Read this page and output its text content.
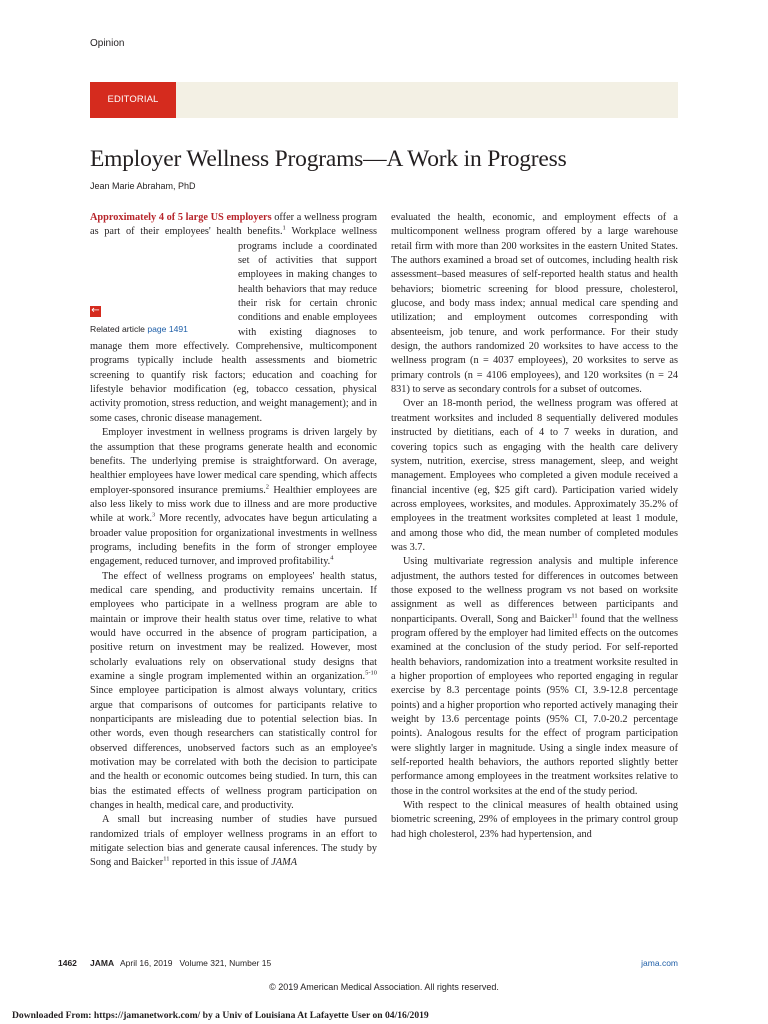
Opinion
EDITORIAL
Employer Wellness Programs—A Work in Progress
Jean Marie Abraham, PhD

Approximately 4 of 5 large US employers offer a wellness program as part of their employees' health benefits.$^1$
←
Related article page 1491
Workplace wellness programs include a coordinated set of activities that support employees in making changes to health behaviors that may reduce their risk for certain chronic conditions and enable employees with existing diagnoses to manage them more effectively. Comprehensive, multicomponent programs typically include health assessments and biometric screening to quantify risk factors; education and coaching for lifestyle behavior modification (eg, tobacco cessation, physical activity promotion, stress reduction, and weight management); and in some cases, chronic disease management.

Employer investment in wellness programs is driven largely by the assumption that these programs generate health and economic benefits. The underlying premise is straightforward. On average, healthier employees have lower medical care spending, which affects employer-sponsored insurance premiums.$^2$ Healthier employees are also less likely to miss work due to illness and are more productive while at work.$^3$ More recently, advocates have begun articulating a broader value proposition for organizational investments in wellness programs, including benefits in the form of stronger employee engagement, reduced turnover, and improved profitability.$^4$

The effect of wellness programs on employees' health status, medical care spending, and productivity remains uncertain. If employees who participate in a wellness program are able to maintain or improve their health status over time, relative to what would have occurred in the absence of program participation, a positive return on investment may be realized. However, most scholarly evaluations rely on observational study designs that examine a single program implemented within an organization.$^{5-10}$ Since employee participation is almost always voluntary, critics argue that comparisons of outcomes for participants relative to nonparticipants are misleading due to potential selection bias. In other words, even though researchers can statistically control for observed differences, unobserved factors such as an employee's motivation may be correlated with both the decision to participate and the health or economic outcomes being studied. In turn, this can bias the estimated effects of wellness program participation on changes in health, medical care, and productivity.

A small but increasing number of studies have pursued randomized trials of employer wellness programs in an effort to mitigate selection bias and generate causal inferences. The study by Song and Baicker$^{11}$ reported in this issue of JAMA

evaluated the health, economic, and employment effects of a multicomponent wellness program offered by a large warehouse retail firm with more than 200 worksites in the eastern United States. The authors examined a broad set of outcomes, including health risk assessment–based measures of self-reported health status and health behaviors; biometric screening for blood pressure, cholesterol, glucose, and body mass index; annual medical care spending and utilization; and employment outcomes corresponding with absenteeism, job tenure, and work performance. For their study design, the authors randomized 20 worksites to have access to the wellness program (n = 4037 employees), 20 worksites to serve as primary controls (n = 4106 employees), and 120 worksites (n = 24 831) to serve as secondary controls for a subset of outcomes.

Over an 18-month period, the wellness program was offered at treatment worksites and included 8 sequentially delivered modules instructed by dietitians, each of 4 to 7 weeks in duration, and covering topics such as engaging with the health care delivery system, nutrition, exercise, stress management, sleep, and weight management. Employees who completed a given module received a financial incentive (eg, $25 gift card). Participation varied widely across employees, worksites, and modules. Approximately 35.2% of employees in the treatment worksites completed at least 1 module, and among those who did, the mean number of completed modules was 3.7.

Using multivariate regression analysis and multiple inference adjustment, the authors tested for differences in outcomes between those exposed to the wellness program vs not based on worksite assignment as well as differences between participants and nonparticipants. Overall, Song and Baicker$^{11}$ found that the wellness program offered by the employer had limited effects on the outcomes examined at the conclusion of the study period. For self-reported health behaviors, randomization into a treatment worksite resulted in a higher proportion of employees who reported engaging in regular exercise by 8.3 percentage points (95% CI, 3.9-12.8 percentage points) and a higher proportion who reported actively managing their weight by 13.6 percentage points (95% CI, 7.0-20.2 percentage points). Analogous results for the effect of program participation were slightly larger in magnitude. Using a single index measure of self-reported health behaviors, the authors reported slightly better performance among employees in the treatment worksites relative to those in the control worksites at the end of the study period.

With respect to the clinical measures of health obtained using biometric screening, 29% of employees in the primary control group had high cholesterol, 23% had hypertension, and

1462 JAMA April 16, 2019   Volume 321, Number 15	jama.com
© 2019 American Medical Association. All rights reserved.
Downloaded From: https://jamanetwork.com/ by a Univ of Louisiana At Lafayette User on 04/16/2019
